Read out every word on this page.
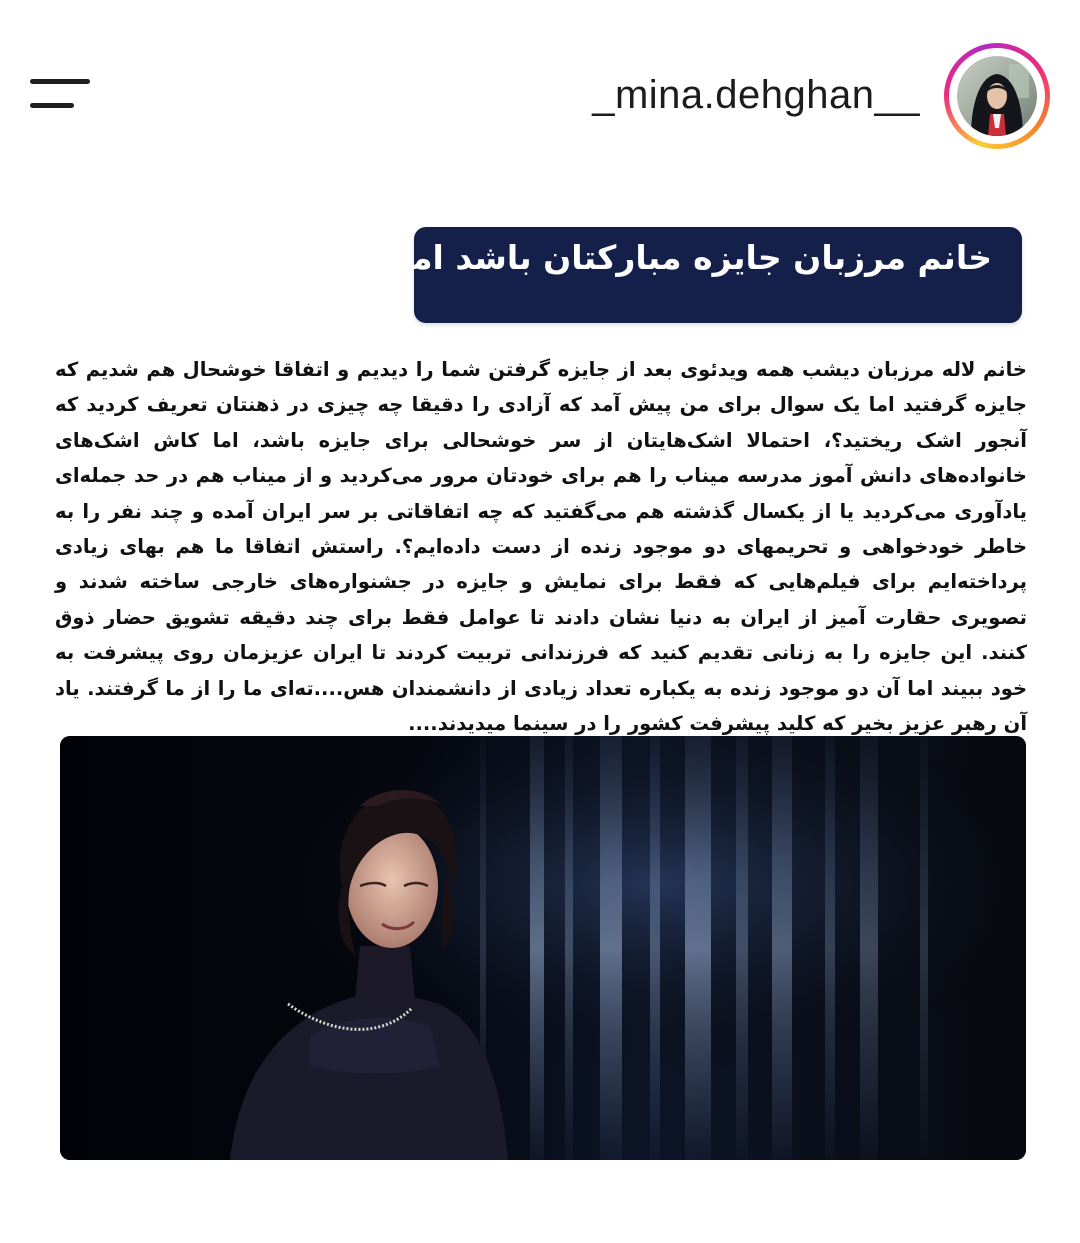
_mina.dehghan__
خانم مرزبان جایزه مبارکتان باشد اما....
خانم لاله مرزبان دیشب همه ویدئوی بعد از جایزه گرفتن شما را دیدیم و اتفاقا خوشحال هم شدیم که جایزه گرفتید اما یک سوال برای من پیش آمد که آزادی را دقیقا چه چیزی در ذهنتان تعریف کردید که آنجور اشک ریختید؟، احتمالا اشک‌هایتان از سر خوشحالی برای جایزه باشد، اما کاش اشک‌های خانواده‌های دانش آموز مدرسه میناب را هم برای خودتان مرور می‌کردید و از میناب هم در حد جمله‌ای یادآوری می‌کردید یا از یکسال گذشته هم می‌گفتید که چه اتفاقاتی بر سر ایران آمده و چند نفر را به خاطر خودخواهی و تحریمهای دو موجود زنده از دست داده‌ایم؟. راستش اتفاقا ما هم بهای زیادی پرداخته‌ایم برای فیلم‌هایی که فقط برای نمایش و جایزه در جشنواره‌های خارجی ساخته شدند و تصویری حقارت آمیز از ایران به دنیا نشان دادند تا عوامل فقط برای چند دقیقه تشویق حضار ذوق کنند. این جایزه را به زنانی تقدیم کنید که فرزندانی تربیت کردند تا ایران عزیزمان روی پیشرفت به خود ببیند اما آن دو موجود زنده به یکباره تعداد زیادی از دانشمندان هس....ته‌ای ما را از ما گرفتند. یاد آن رهبر عزیز بخیر که کلید پیشرفت کشور را در سینما میدیدند....
